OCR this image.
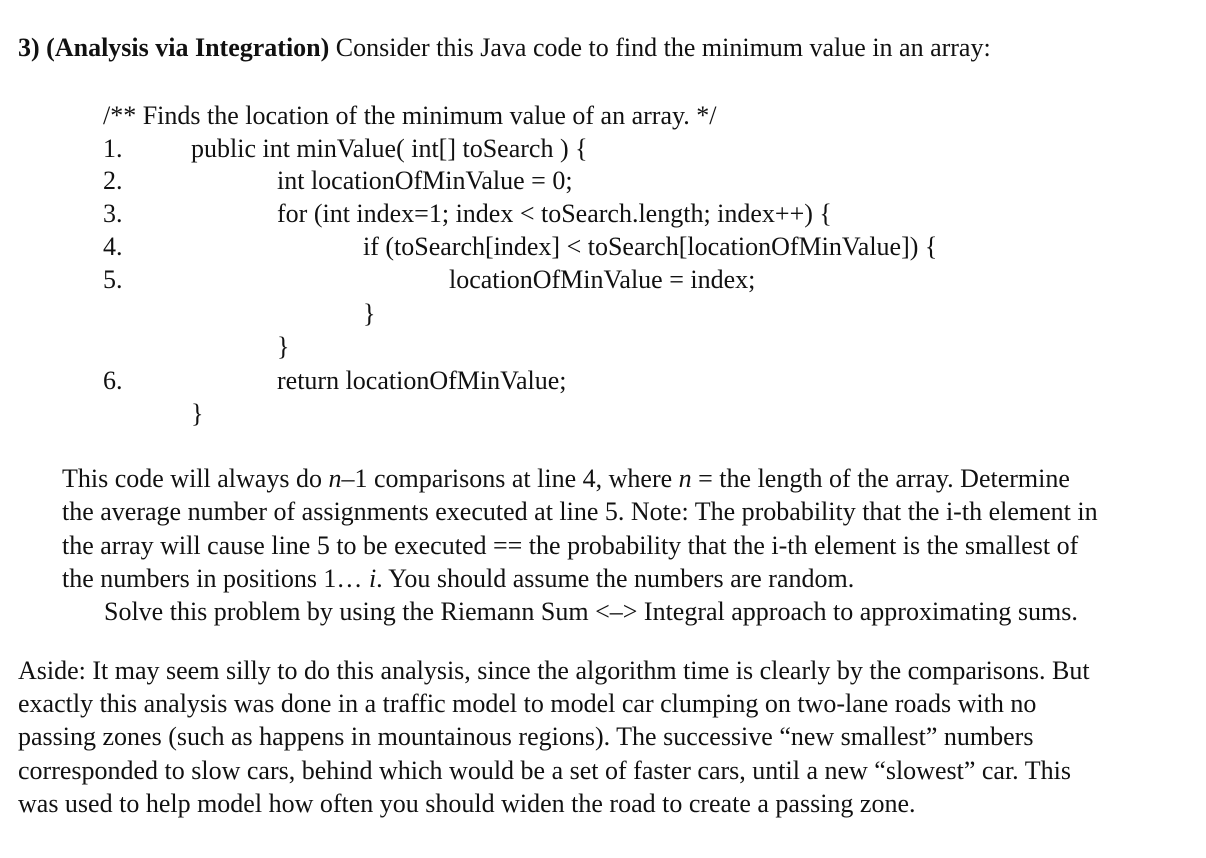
3) (Analysis via Integration) Consider this Java code to find the minimum value in an array:
/** Finds the location of the minimum value of an array. */
1.	public int minValue( int[] toSearch ) {
2.	int locationOfMinValue = 0;
3.	for (int index=1; index < toSearch.length; index++) {
4.	if (toSearch[index] < toSearch[locationOfMinValue]) {
5.	locationOfMinValue = index;
}
}
6.	return locationOfMinValue;
}
This code will always do n–1 comparisons at line 4, where n = the length of the array. Determine
the average number of assignments executed at line 5. Note: The probability that the i-th element in
the array will cause line 5 to be executed == the probability that the i-th element is the smallest of
the numbers in positions 1… i. You should assume the numbers are random.
Solve this problem by using the Riemann Sum <–> Integral approach to approximating sums.
Aside: It may seem silly to do this analysis, since the algorithm time is clearly by the comparisons. But
exactly this analysis was done in a traffic model to model car clumping on two-lane roads with no
passing zones (such as happens in mountainous regions). The successive “new smallest” numbers
corresponded to slow cars, behind which would be a set of faster cars, until a new “slowest” car. This
was used to help model how often you should widen the road to create a passing zone.
